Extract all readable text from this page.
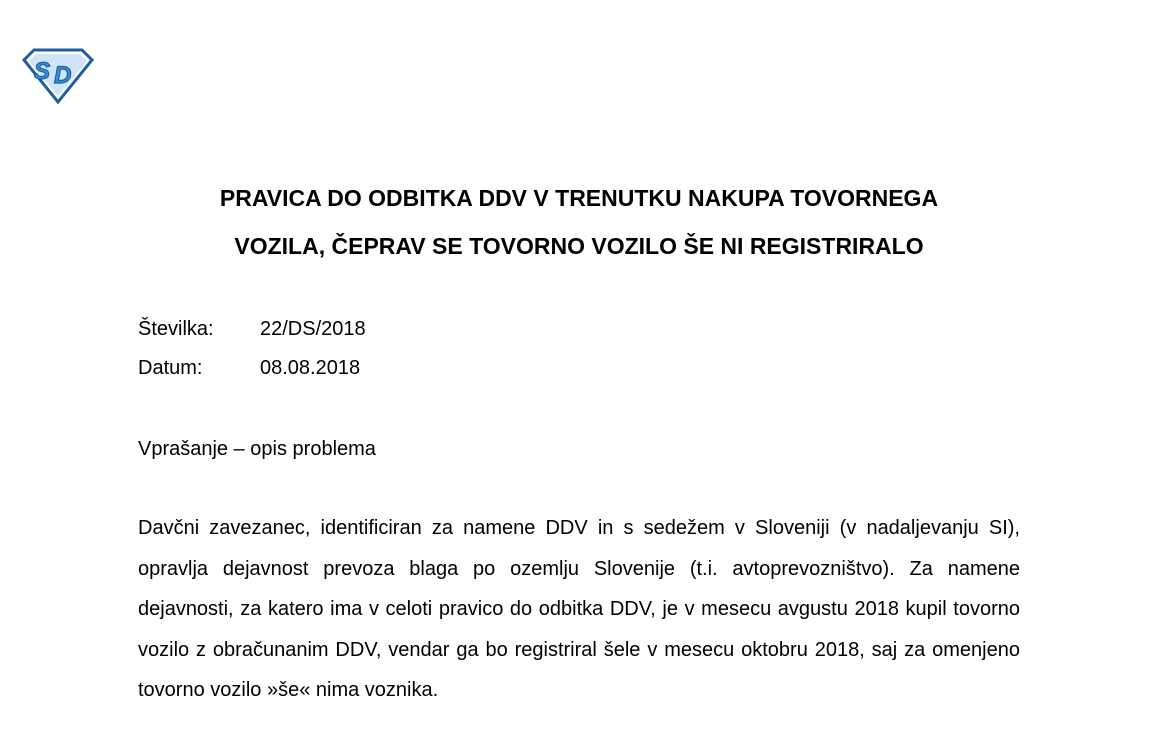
S D
PRAVICA DO ODBITKA DDV V TRENUTKU NAKUPA TOVORNEGA
VOZILA, ČEPRAV SE TOVORNO VOZILO ŠE NI REGISTRIRALO
Številka:	22/DS/2018
Datum:	08.08.2018
Vprašanje – opis problema

Davčni zavezanec, identificiran za namene DDV in s sedežem v Sloveniji (v nadaljevanju SI), opravlja dejavnost prevoza blaga po ozemlju Slovenije (t.i. avtoprevozništvo). Za namene dejavnosti, za katero ima v celoti pravico do odbitka DDV, je v mesecu avgustu 2018 kupil tovorno vozilo z obračunanim DDV, vendar ga bo registriral šele v mesecu oktobru 2018, saj za omenjeno tovorno vozilo »še« nima voznika.
